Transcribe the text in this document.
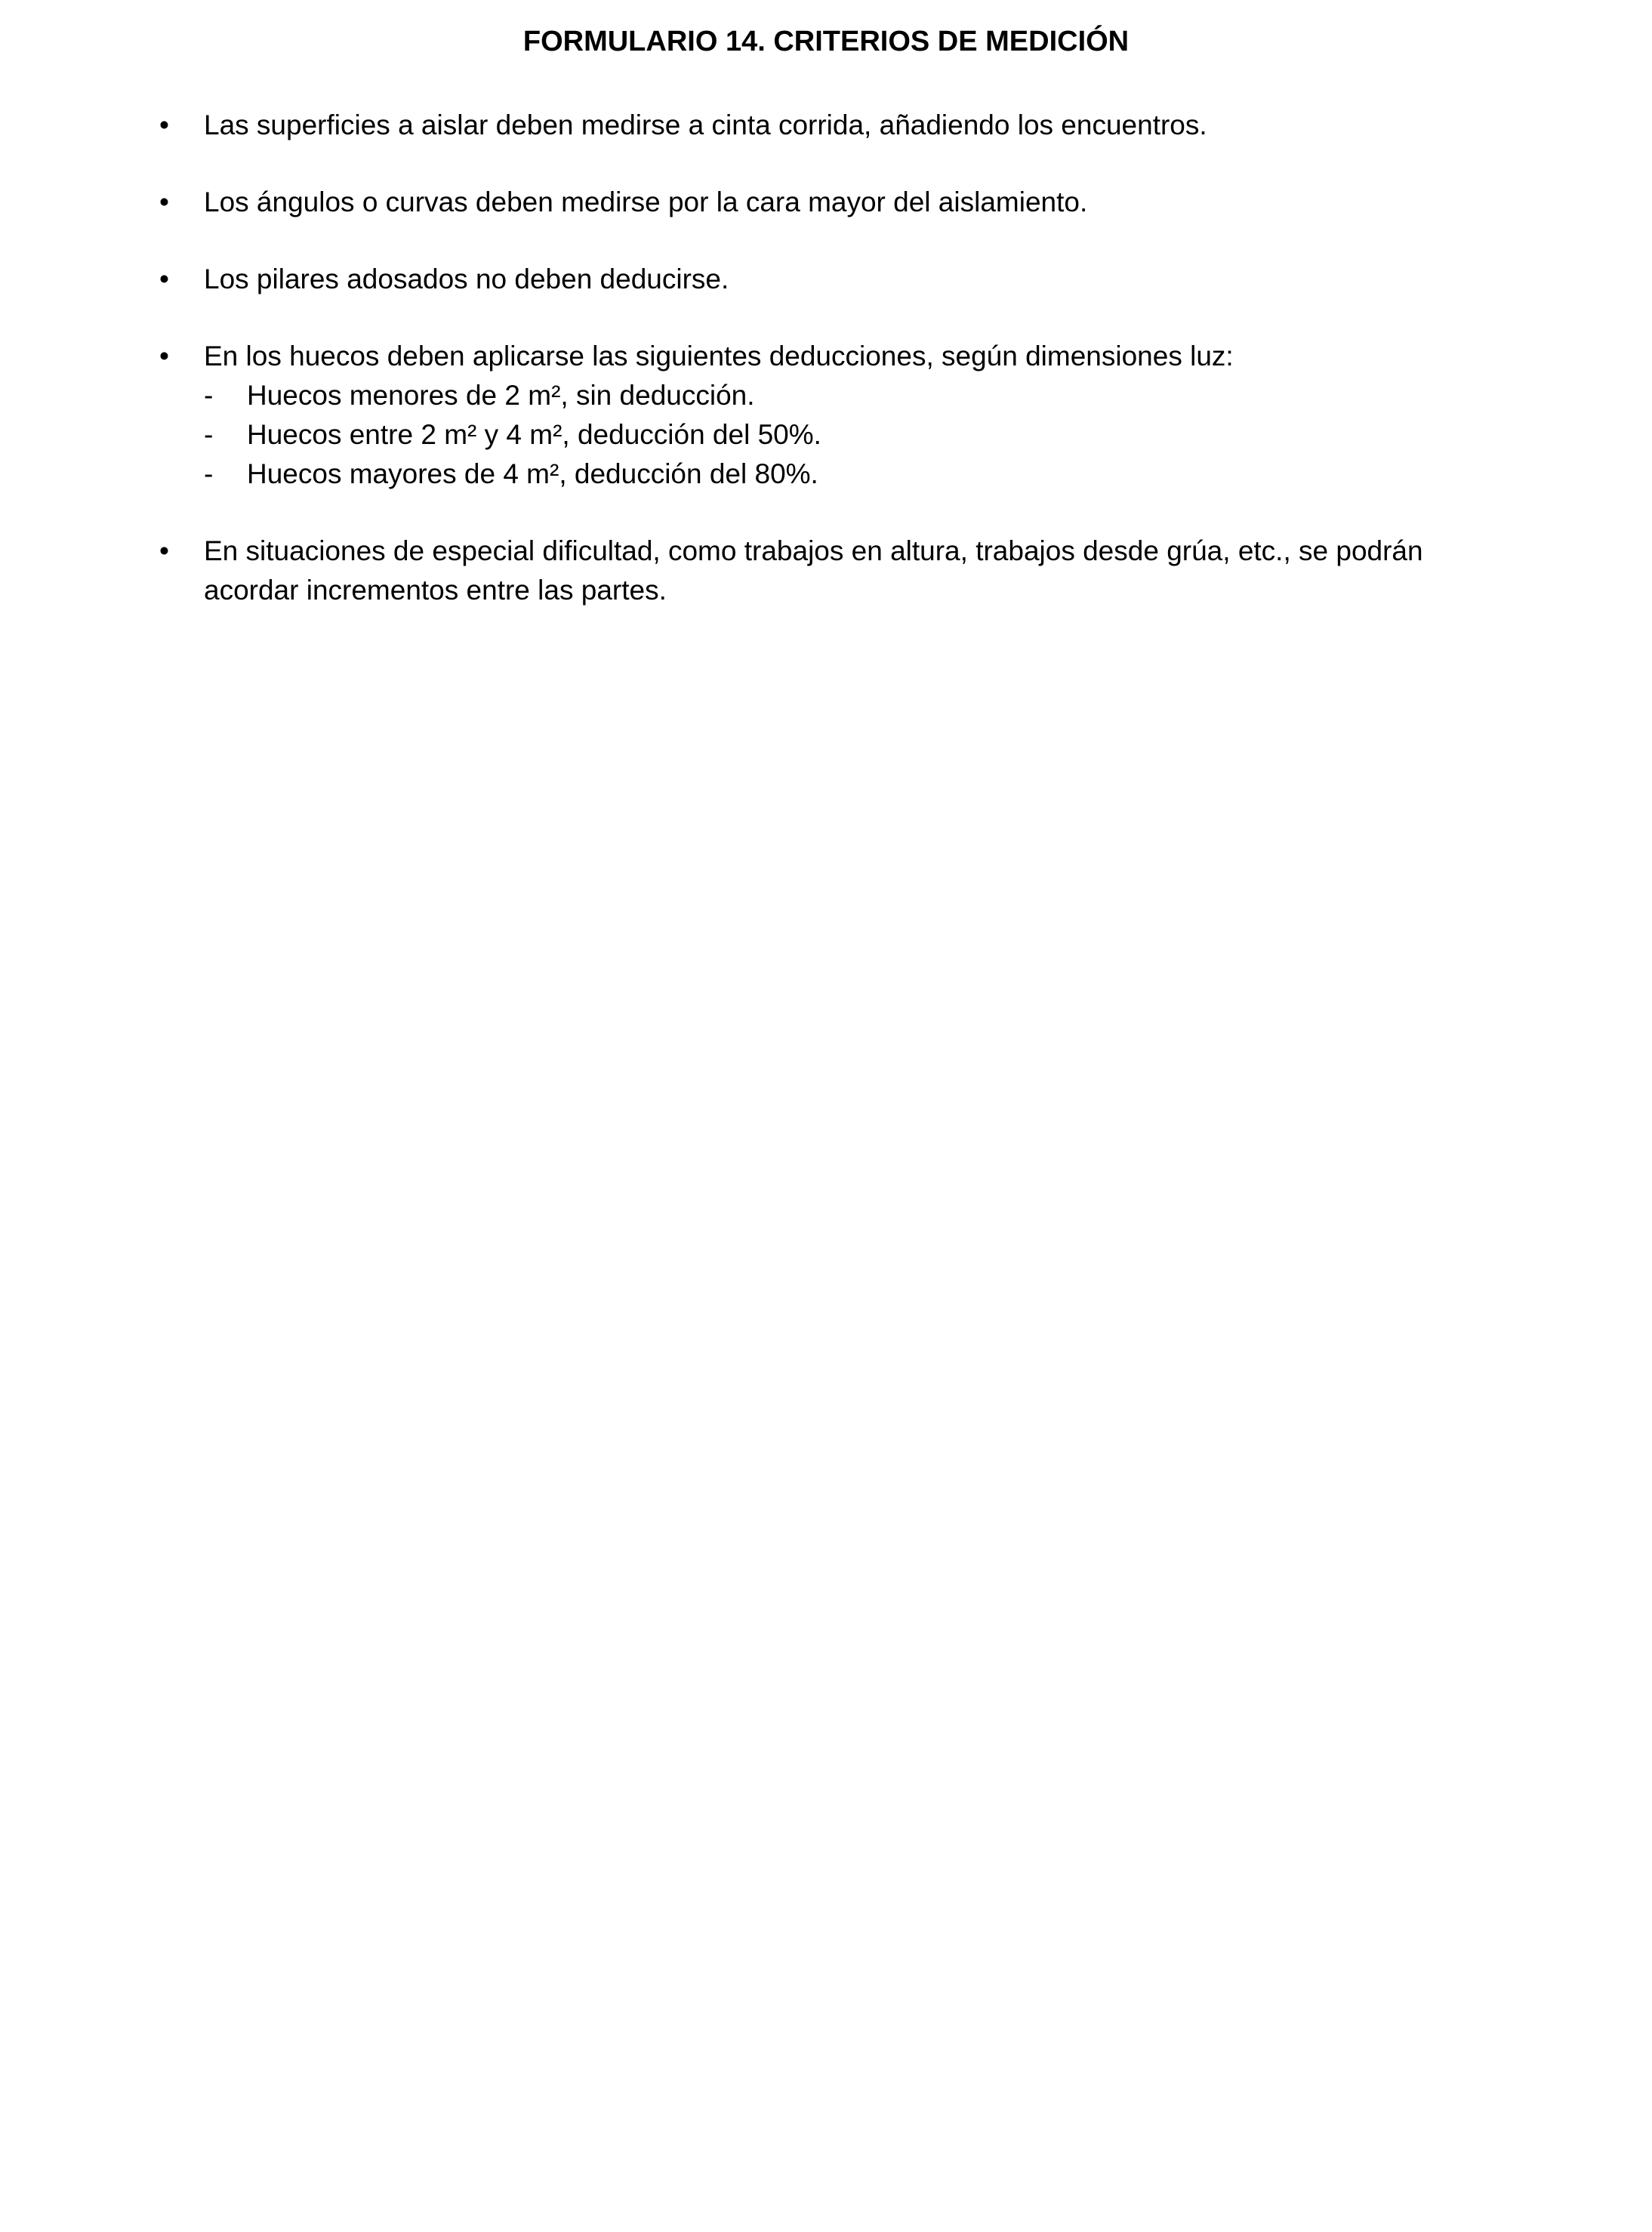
FORMULARIO 14. CRITERIOS DE MEDICIÓN
• Las superficies a aislar deben medirse a cinta corrida, añadiendo los encuentros.
• Los ángulos o curvas deben medirse por la cara mayor del aislamiento.
• Los pilares adosados no deben deducirse.
• En los huecos deben aplicarse las siguientes deducciones, según dimensiones luz:
- Huecos menores de 2 m², sin deducción.
- Huecos entre 2 m² y 4 m², deducción del 50%.
- Huecos mayores de 4 m², deducción del 80%.
• En situaciones de especial dificultad, como trabajos en altura, trabajos desde grúa, etc., se podrán acordar incrementos entre las partes.
